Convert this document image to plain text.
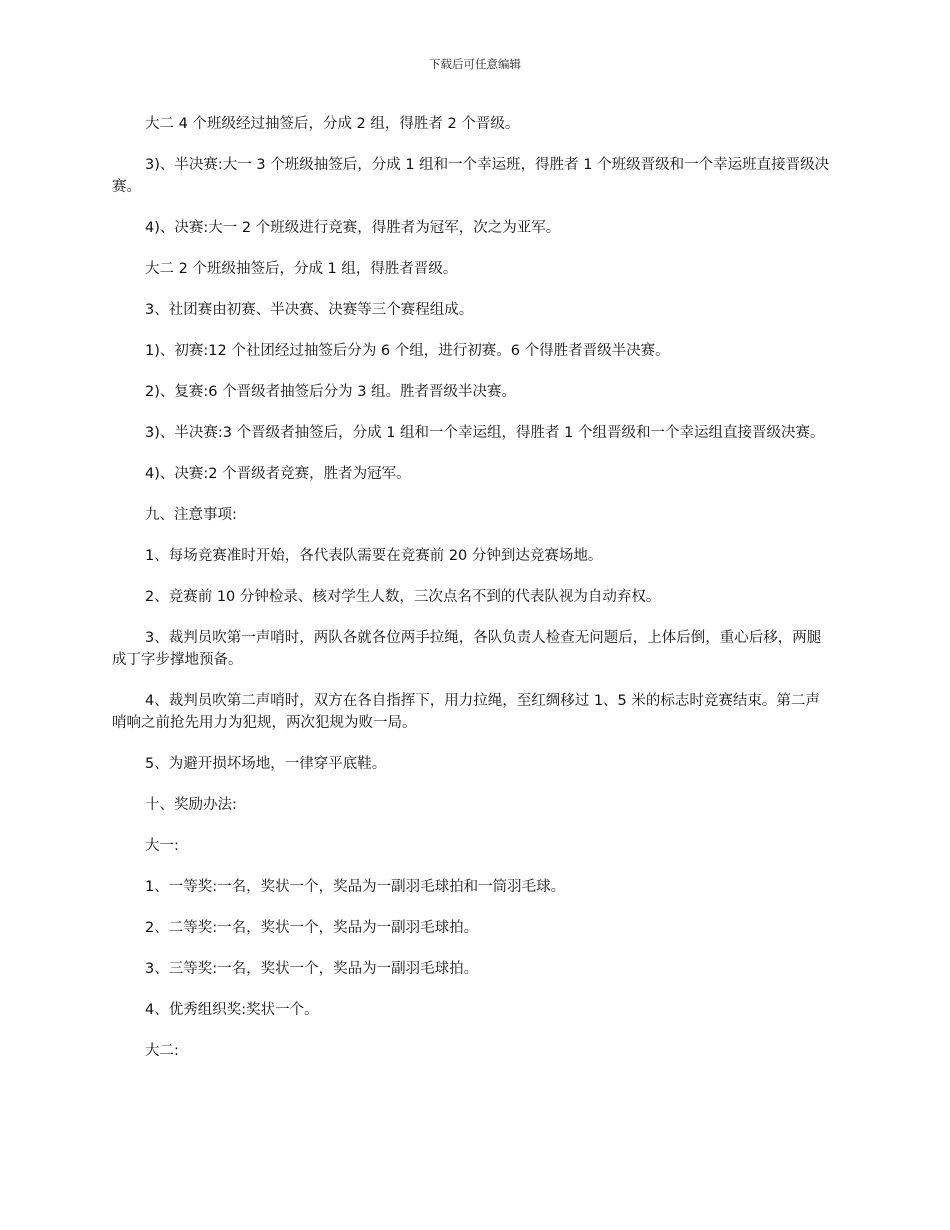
下载后可任意编辑

大二 4 个班级经过抽签后，分成 2 组，得胜者 2 个晋级。

3)、半决赛:大一 3 个班级抽签后，分成 1 组和一个幸运班，得胜者 1 个班级晋级和一个幸运班直接晋级决赛。

4)、决赛:大一 2 个班级进行竞赛，得胜者为冠军，次之为亚军。

大二 2 个班级抽签后，分成 1 组，得胜者晋级。

3、社团赛由初赛、半决赛、决赛等三个赛程组成。

1)、初赛:12 个社团经过抽签后分为 6 个组，进行初赛。6 个得胜者晋级半决赛。

2)、复赛:6 个晋级者抽签后分为 3 组。胜者晋级半决赛。

3)、半决赛:3 个晋级者抽签后，分成 1 组和一个幸运组，得胜者 1 个组晋级和一个幸运组直接晋级决赛。

4)、决赛:2 个晋级者竞赛，胜者为冠军。

九、注意事项:

1、每场竞赛准时开始，各代表队需要在竞赛前 20 分钟到达竞赛场地。

2、竞赛前 10 分钟检录、核对学生人数，三次点名不到的代表队视为自动弃权。

3、裁判员吹第一声哨时，两队各就各位两手拉绳，各队负责人检查无问题后，上体后倒，重心后移，两腿成丁字步撑地预备。

4、裁判员吹第二声哨时，双方在各自指挥下，用力拉绳，至红绸移过 1、5 米的标志时竞赛结束。第二声哨响之前抢先用力为犯规，两次犯规为败一局。

5、为避开损坏场地，一律穿平底鞋。

十、奖励办法:

大一:

1、一等奖:一名，奖状一个，奖品为一副羽毛球拍和一筒羽毛球。

2、二等奖:一名，奖状一个，奖品为一副羽毛球拍。

3、三等奖:一名，奖状一个，奖品为一副羽毛球拍。

4、优秀组织奖:奖状一个。

大二:
